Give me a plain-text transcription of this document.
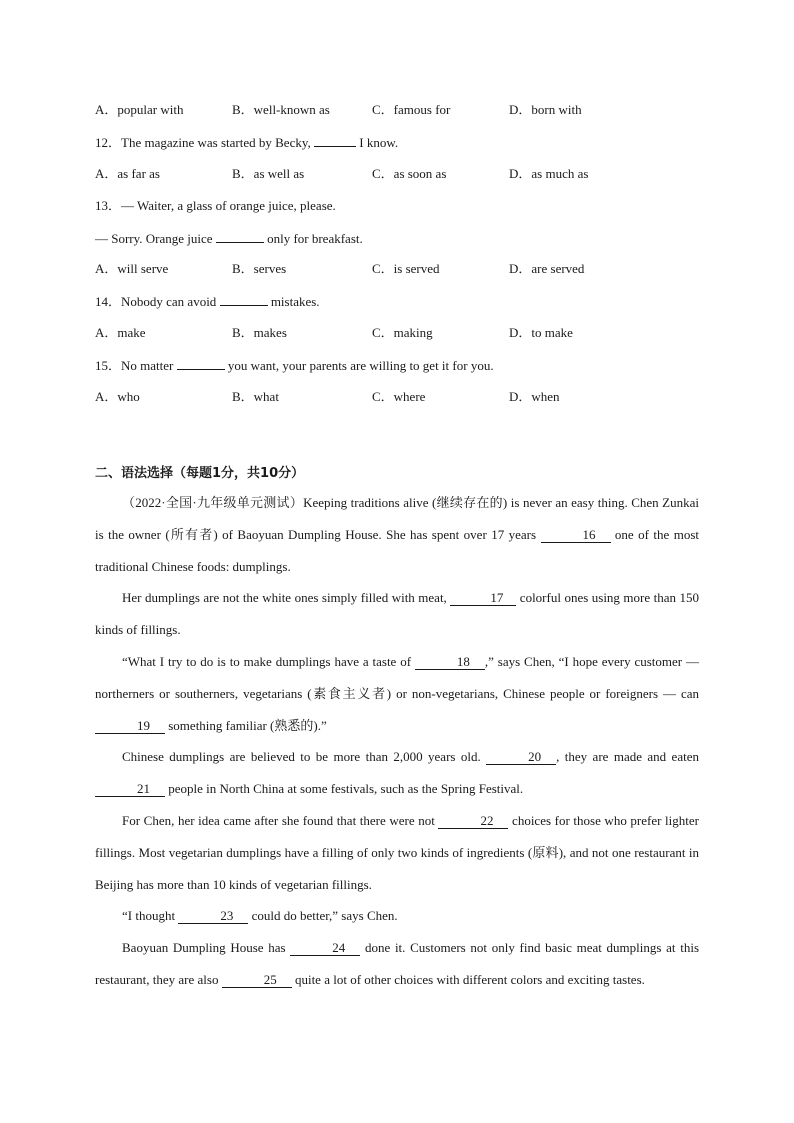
A．popular with	B．well-known as	C．famous for	D．born with
12．The magazine was started by Becky,	I know.
A．as far as	B．as well as	C．as soon as	D．as much as
13．— Waiter, a glass of orange juice, please.
— Sorry. Orange juice	only for breakfast.
A．will serve	B．serves	C．is served	D．are served
14．Nobody can avoid	mistakes.
A．make	B．makes	C．making	D．to make
15．No matter	you want, your parents are willing to get it for you.
A．who	B．what	C．where	D．when
二、语法选择（每题1分，共10分）

（2022·全国·九年级单元测试）Keeping traditions alive (继续存在的) is never an easy thing. Chen Zunkai is the owner (所有者) of Baoyuan Dumpling House. She has spent over 17 years	16 one of the most traditional Chinese foods: dumplings.

Her dumplings are not the white ones simply filled with meat,	17 colorful ones using more than 150 kinds of fillings.

“What I try to do is to make dumplings have a taste of	18 ,” says Chen, “I hope every customer — northerners or southerners, vegetarians (素食主义者) or non-vegetarians, Chinese people or foreigners — can 19 something familiar (熟悉的).”

Chinese dumplings are believed to be more than 2,000 years old.	20 , they are made and eaten 21 people in North China at some festivals, such as the Spring Festival.

For Chen, her idea came after she found that there were not	22 choices for those who prefer lighter fillings. Most vegetarian dumplings have a filling of only two kinds of ingredients (原料), and not one restaurant in Beijing has more than 10 kinds of vegetarian fillings.

“I thought	23 could do better,” says Chen.

Baoyuan Dumpling House has	24 done it. Customers not only find basic meat dumplings at this restaurant, they are also	25 quite a lot of other choices with different colors and exciting tastes.
